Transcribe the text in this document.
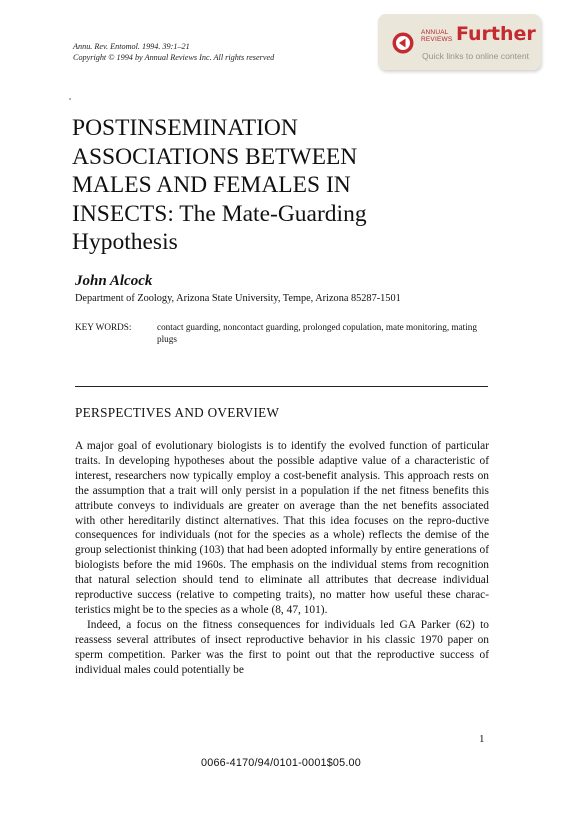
Annu. Rev. Entomol. 1994. 39:1–21
Copyright © 1994 by Annual Reviews Inc. All rights reserved
ANNUAL
REVIEWS Further
Quick links to online content
POSTINSEMINATION
ASSOCIATIONS BETWEEN
MALES AND FEMALES IN
INSECTS: The Mate-Guarding
Hypothesis
John Alcock
Department of Zoology, Arizona State University, Tempe, Arizona 85287-1501
KEY WORDS:	contact guarding, noncontact guarding, prolonged copulation, mate monitoring, mating plugs
PERSPECTIVES AND OVERVIEW

A major goal of evolutionary biologists is to identify the evolved function of particular traits. In developing hypotheses about the possible adaptive value of a characteristic of interest, researchers now typically employ a cost-benefit analysis. This approach rests on the assumption that a trait will only persist in a population if the net fitness benefits this attribute conveys to individuals are greater on average than the net benefits associated with other hereditarily distinct alternatives. That this idea focuses on the repro-ductive consequences for individuals (not for the species as a whole) reflects the demise of the group selectionist thinking (103) that had been adopted informally by entire generations of biologists before the mid 1960s. The emphasis on the individual stems from recognition that natural selection should tend to eliminate all attributes that decrease individual reproductive success (relative to competing traits), no matter how useful these charac-teristics might be to the species as a whole (8, 47, 101).

Indeed, a focus on the fitness consequences for individuals led GA Parker (62) to reassess several attributes of insect reproductive behavior in his classic 1970 paper on sperm competition. Parker was the first to point out that the reproductive success of individual males could potentially be

1
0066-4170/94/0101-0001$05.00
